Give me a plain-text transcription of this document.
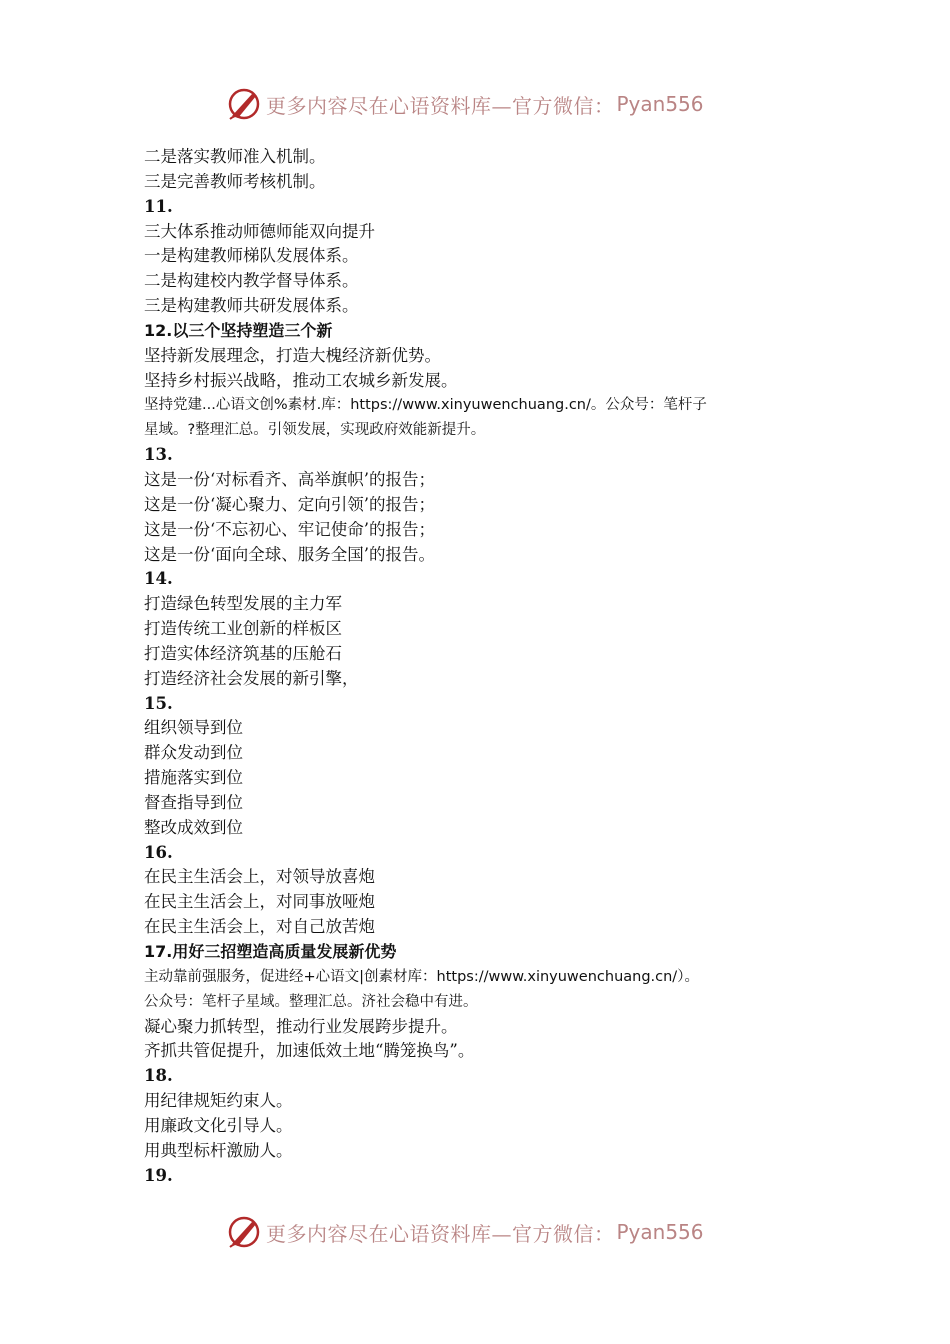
更多内容尽在心语资料库—官方微信： Pyan556
二是落实教师准入机制。
三是完善教师考核机制。
11.
三大体系推动师德师能双向提升
一是构建教师梯队发展体系。
二是构建校内教学督导体系。
三是构建教师共研发展体系。
12.以三个坚持塑造三个新
坚持新发展理念，打造大槐经济新优势。
坚持乡村振兴战略，推动工农城乡新发展。
坚持党建...心语文创%素材.库：https://www.xinyuwenchuang.cn/。公众号：笔杆子
星域。?整理汇总。引领发展，实现政府效能新提升。
13.
这是一份‘对标看齐、高举旗帜’的报告；
这是一份‘凝心聚力、定向引领’的报告；
这是一份‘不忘初心、牢记使命’的报告；
这是一份‘面向全球、服务全国’的报告。
14.
打造绿色转型发展的主力军
打造传统工业创新的样板区
打造实体经济筑基的压舱石
打造经济社会发展的新引擎，
15.
组织领导到位
群众发动到位
措施落实到位
督查指导到位
整改成效到位
16.
在民主生活会上，对领导放喜炮
在民主生活会上，对同事放哑炮
在民主生活会上，对自己放苦炮
17.用好三招塑造高质量发展新优势
主动靠前强服务，促进经+心语文|创素材库：https://www.xinyuwenchuang.cn/）。
公众号：笔杆子星域。整理汇总。济社会稳中有进。
凝心聚力抓转型，推动行业发展跨步提升。
齐抓共管促提升，加速低效土地“腾笼换鸟”。
18.
用纪律规矩约束人。
用廉政文化引导人。
用典型标杆激励人。
19.
更多内容尽在心语资料库—官方微信： Pyan556
